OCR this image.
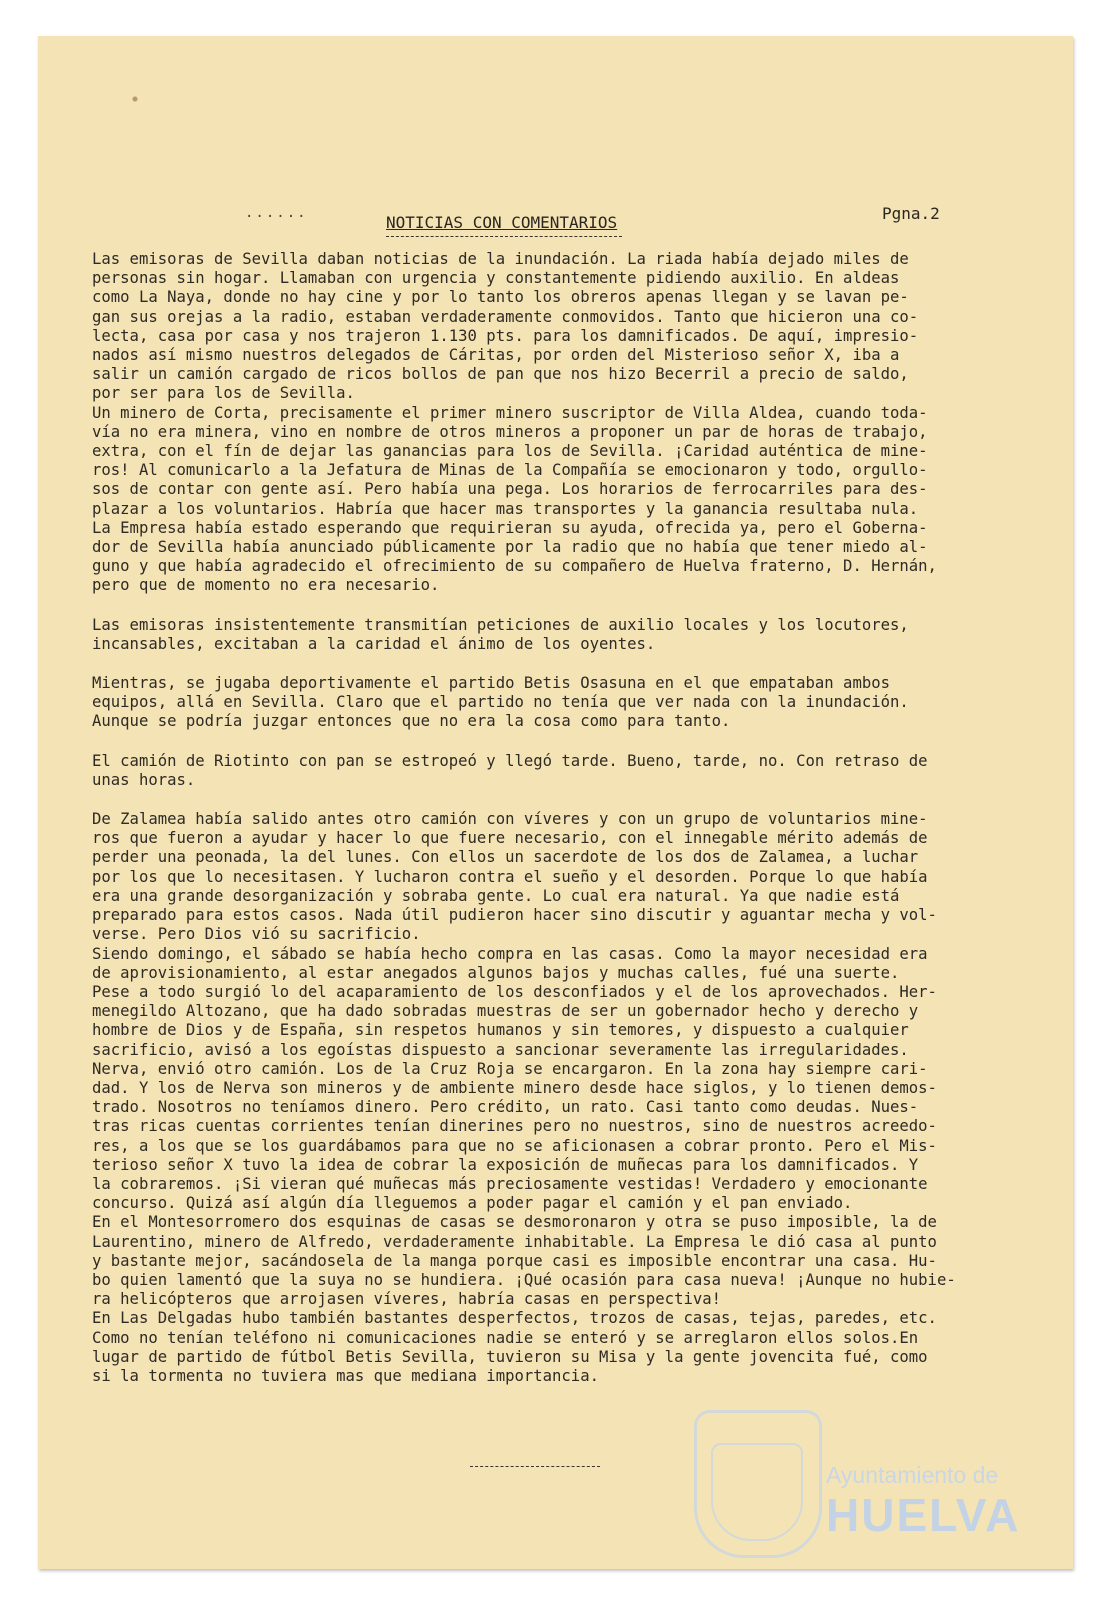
......	NOTICIAS CON COMENTARIOS	Pgna.2
Las emisoras de Sevilla daban noticias de la inundación. La riada había dejado miles de
personas sin hogar. Llamaban con urgencia y constantemente pidiendo auxilio. En aldeas
como La Naya, donde no hay cine y por lo tanto los obreros apenas llegan y se lavan pe-
gan sus orejas a la radio, estaban verdaderamente conmovidos. Tanto que hicieron una co-
lecta, casa por casa y nos trajeron 1.130 pts. para los damnificados. De aquí, impresio-
nados así mismo nuestros delegados de Cáritas, por orden del Misterioso señor X, iba a
salir un camión cargado de ricos bollos de pan que nos hizo Becerril a precio de saldo,
por ser para los de Sevilla.
Un minero de Corta, precisamente el primer minero suscriptor de Villa Aldea, cuando toda-
vía no era minera, vino en nombre de otros mineros a proponer un par de horas de trabajo,
extra, con el fín de dejar las ganancias para los de Sevilla. ¡Caridad auténtica de mine-
ros! Al comunicarlo a la Jefatura de Minas de la Compañía se emocionaron y todo, orgullo-
sos de contar con gente así. Pero había una pega. Los horarios de ferrocarriles para des-
plazar a los voluntarios. Habría que hacer mas transportes y la ganancia resultaba nula.
La Empresa había estado esperando que requirieran su ayuda, ofrecida ya, pero el Goberna-
dor de Sevilla había anunciado públicamente por la radio que no había que tener miedo al-
guno y que había agradecido el ofrecimiento de su compañero de Huelva fraterno, D. Hernán,
pero que de momento no era necesario.
Las emisoras insistentemente transmitían peticiones de auxilio locales y los locutores,
incansables, excitaban a la caridad el ánimo de los oyentes.
Mientras, se jugaba deportivamente el partido Betis Osasuna en el que empataban ambos
equipos, allá en Sevilla. Claro que el partido no tenía que ver nada con la inundación.
Aunque se podría juzgar entonces que no era la cosa como para tanto.
El camión de Riotinto con pan se estropeó y llegó tarde. Bueno, tarde, no. Con retraso de
unas horas.
De Zalamea había salido antes otro camión con víveres y con un grupo de voluntarios mine-
ros que fueron a ayudar y hacer lo que fuere necesario, con el innegable mérito además de
perder una peonada, la del lunes. Con ellos un sacerdote de los dos de Zalamea, a luchar
por los que lo necesitasen. Y lucharon contra el sueño y el desorden. Porque lo que había
era una grande desorganización y sobraba gente. Lo cual era natural. Ya que nadie está
preparado para estos casos. Nada útil pudieron hacer sino discutir y aguantar mecha y vol-
verse. Pero Dios vió su sacrificio.
Siendo domingo, el sábado se había hecho compra en las casas. Como la mayor necesidad era
de aprovisionamiento, al estar anegados algunos bajos y muchas calles, fué una suerte.
Pese a todo surgió lo del acaparamiento de los desconfiados y el de los aprovechados. Her-
menegildo Altozano, que ha dado sobradas muestras de ser un gobernador hecho y derecho y
hombre de Dios y de España, sin respetos humanos y sin temores, y dispuesto a cualquier
sacrificio, avisó a los egoístas dispuesto a sancionar severamente las irregularidades.
Nerva, envió otro camión. Los de la Cruz Roja se encargaron. En la zona hay siempre cari-
dad. Y los de Nerva son mineros y de ambiente minero desde hace siglos, y lo tienen demos-
trado. Nosotros no teníamos dinero. Pero crédito, un rato. Casi tanto como deudas. Nues-
tras ricas cuentas corrientes tenían dinerines pero no nuestros, sino de nuestros acreedo-
res, a los que se los guardábamos para que no se aficionasen a cobrar pronto. Pero el Mis-
terioso señor X tuvo la idea de cobrar la exposición de muñecas para los damnificados. Y
la cobraremos. ¡Si vieran qué muñecas más preciosamente vestidas! Verdadero y emocionante
concurso. Quizá así algún día lleguemos a poder pagar el camión y el pan enviado.
En el Montesorromero dos esquinas de casas se desmoronaron y otra se puso imposible, la de
Laurentino, minero de Alfredo, verdaderamente inhabitable. La Empresa le dió casa al punto
y bastante mejor, sacándosela de la manga porque casi es imposible encontrar una casa. Hu-
bo quien lamentó que la suya no se hundiera. ¡Qué ocasión para casa nueva! ¡Aunque no hubie-
ra helicópteros que arrojasen víveres, habría casas en perspectiva!
En Las Delgadas hubo también bastantes desperfectos, trozos de casas, tejas, paredes, etc.
Como no tenían teléfono ni comunicaciones nadie se enteró y se arreglaron ellos solos.En
lugar de partido de fútbol Betis Sevilla, tuvieron su Misa y la gente jovencita fué, como
si la tormenta no tuviera mas que mediana importancia.
Ayuntamiento de
HUELVA
